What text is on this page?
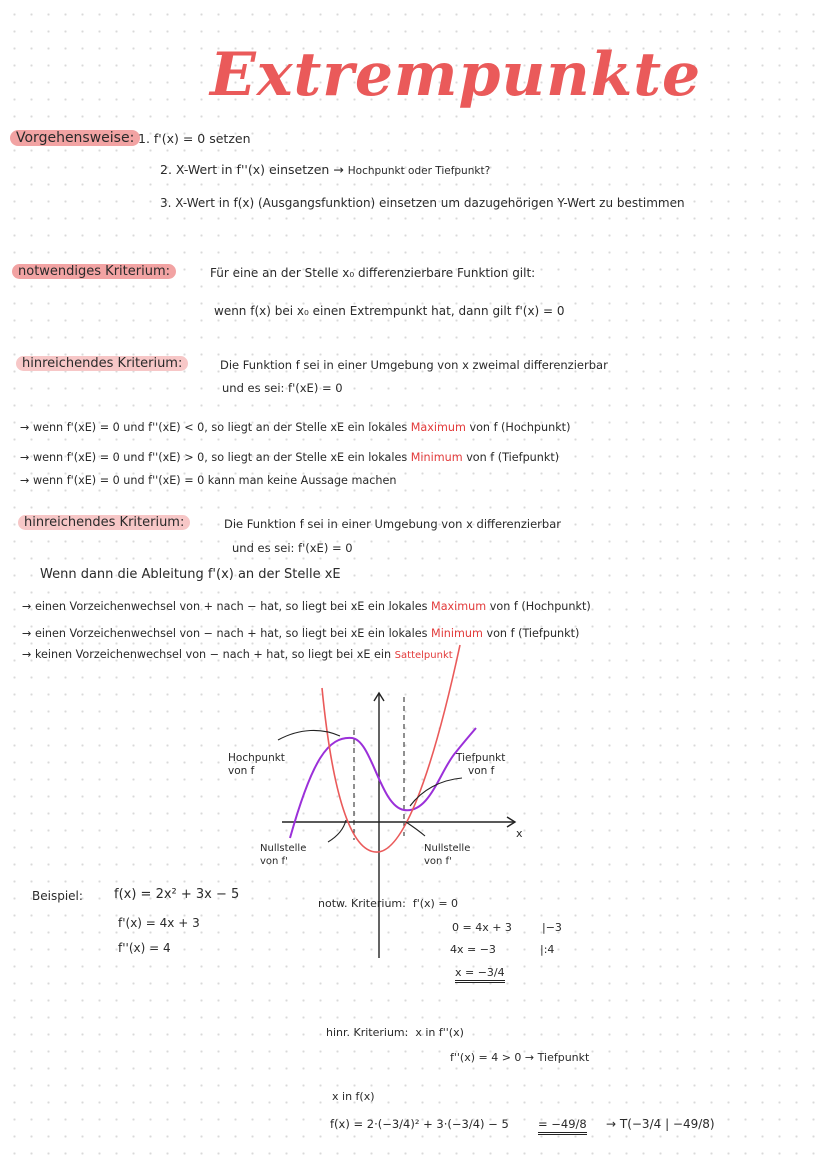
Extrempunkte
Vorgehensweise: 1. f'(x) = 0 setzen
2. X-Wert in f''(x) einsetzen → Hochpunkt oder Tiefpunkt?
3. X-Wert in f(x) (Ausgangsfunktion) einsetzen um dazugehörigen Y-Wert zu bestimmen
notwendiges Kriterium:	Für eine an der Stelle x₀ differenzierbare Funktion gilt:
wenn f(x) bei x₀ einen Extrempunkt hat, dann gilt f'(x) = 0
hinreichendes Kriterium:	Die Funktion f sei in einer Umgebung von x zweimal differenzierbar
und es sei: f'(xE) = 0
→ wenn f'(xE) = 0 und f''(xE) < 0, so liegt an der Stelle xE ein lokales Maximum von f (Hochpunkt)
→ wenn f'(xE) = 0 und f''(xE) > 0, so liegt an der Stelle xE ein lokales Minimum von f (Tiefpunkt)
→ wenn f'(xE) = 0 und f''(xE) = 0 kann man keine Aussage machen
hinreichendes Kriterium:	Die Funktion f sei in einer Umgebung von x differenzierbar
und es sei: f'(xE) = 0
Wenn dann die Ableitung f'(x) an der Stelle xE
→ einen Vorzeichenwechsel von + nach − hat, so liegt bei xE ein lokales Maximum von f (Hochpunkt)
→ einen Vorzeichenwechsel von − nach + hat, so liegt bei xE ein lokales Minimum von f (Tiefpunkt)
→ keinen Vorzeichenwechsel von − nach + hat, so liegt bei xE ein Sattelpunkt
Hochpunkt
von f
Tiefpunkt
von f
x
Nullstelle
von f'
Nullstelle
von f'
Beispiel: f(x) = 2x² + 3x − 5
f'(x) = 4x + 3
f''(x) = 4
notw. Kriterium: f'(x) = 0
0 = 4x + 3	|−3
4x = −3	|:4
x = −3/4
hinr. Kriterium: x in f''(x)
f''(x) = 4 > 0 → Tiefpunkt
x in f(x)
f(x) = 2·(−3/4)² + 3·(−3/4) − 5	= −49/8 → T(−3/4 | −49/8)
